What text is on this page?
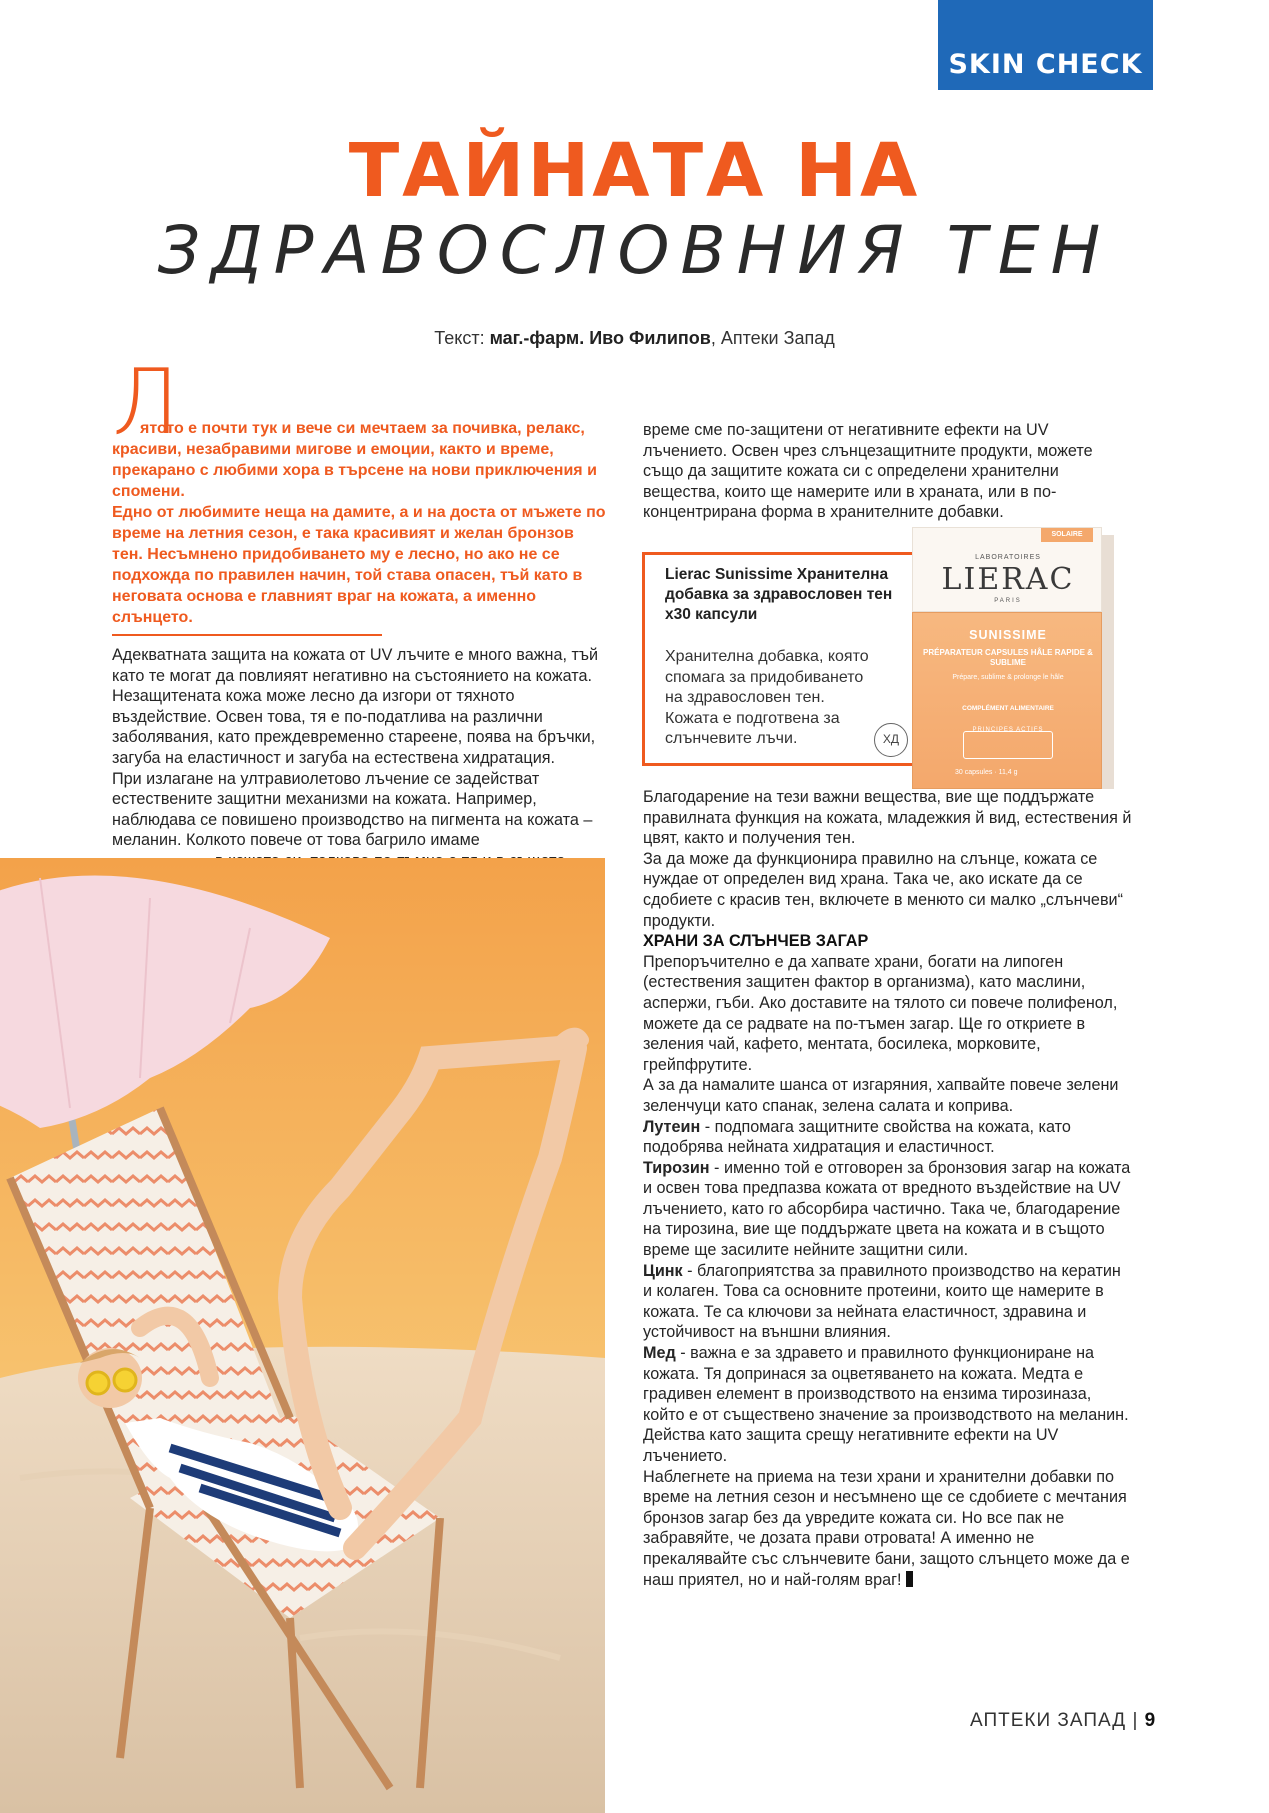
SKIN CHECK
ТАЙНАТА НА
ЗДРАВОСЛОВНИЯ ТЕН
Текст: маг.-фарм. Иво Филипов, Аптеки Запад
Л

ятото е почти тук и вече си мечтаем за почивка, релакс, красиви, незабравими мигове и емоции, както и време, прекарано с любими хора в търсене на нови приключения и спомени.

Едно от любимите неща на дамите, а и на доста от мъжете по време на летния сезон, е така красивият и желан бронзов тен. Несъмнено придобиването му е лесно, но ако не се подхожда по правилен начин, той става опасен, тъй като в неговата основа е главният враг на кожата, а именно слънцето.

Адекватната защита на кожата от UV лъчите е много важна, тъй като те могат да повлияят негативно на състоянието на кожата. Незащитената кожа може лесно да изгори от тяхното въздействие. Освен това, тя е по-податлива на различни заболявания, като преждевременно стареене, поява на бръчки, загуба на еластичност и загуба на естествена хидратация.

При излагане на ултравиолетово лъчение се задействат естествените защитни механизми на кожата. Например, наблюдава се повишено производство на пигмента на кожата – меланин. Колкото повече от това багрило имаме

време сме по-защитени от негативните ефекти на UV лъчението. Освен чрез слънцезащитните продукти, можете също да защитите кожата си с определени хранителни вещества, които ще намерите или в храната, или в по-концентрирана форма в хранителните добавки.

Lierac Sunissime Хранителна добавка за здравословен тен х30 капсули
Хранителна добавка, която спомага за придобиването на здравословен тен. Кожата е подготвена за слънчевите лъчи.	ХД
SOLAIRE
LABORATOIRES
LIERAC
PARIS
SUNISSIME
PRÉPARATEUR CAPSULES HÂLE RAPIDE & SUBLIME
Prépare, sublime & prolonge le hâle
COMPLÉMENT ALIMENTAIRE
PRINCIPES ACTIFS
30 capsules · 11,4 g

Благодарение на тези важни вещества, вие ще поддържате правилната функция на кожата, младежкия й вид, естествения й цвят, както и получения тен.

За да може да функционира правилно на слънце, кожата се нуждае от определен вид храна. Така че, ако искате да се сдобиете с красив тен, включете в менюто си малко „слънчеви“ продукти.

ХРАНИ ЗА СЛЪНЧЕВ ЗАГАР

Препоръчително е да хапвате храни, богати на липоген (естествения защитен фактор в организма), като маслини, аспержи, гъби. Ако доставите на тялото си повече полифенол, можете да се радвате на по-тъмен загар. Ще го откриете в зеления чай, кафето, ментата, босилека, морковите, грейпфрутите.

А за да намалите шанса от изгаряния, хапвайте повече зелени зеленчуци като спанак, зелена салата и коприва.

Лутеин - подпомага защитните свойства на кожата, като подобрява нейната хидратация и еластичност.

Тирозин - именно той е отговорен за бронзовия загар на кожата и освен това предпазва кожата от вредното въздействие на UV лъчението, като го абсорбира частично. Така че, благодарение на тирозина, вие ще поддържате цвета на кожата и в същото време ще засилите нейните защитни сили.

Цинк - благоприятства за правилното производство на кератин и колаген. Това са основните протеини, които ще намерите в кожата. Те са ключови за нейната еластичност, здравина и устойчивост на външни влияния.

Мед - важна е за здравето и правилното функциониране на кожата. Тя допринася за оцветяването на кожата. Медта е градивен елемент в производството на ензима тирозиназа, който е от съществено значение за производството на меланин. Действа като защита срещу негативните ефекти на UV лъчението.

Наблегнете на приема на тези храни и хранителни добавки по време на летния сезон и несъмнено ще се сдобиете с мечтания бронзов загар без да увредите кожата си. Но все пак не забравяйте, че дозата прави отровата! А именно не прекалявайте със слънчевите бани, защото слънцето може да е наш приятел, но и най-голям враг!

АПТЕКИ ЗАПАД | 9
